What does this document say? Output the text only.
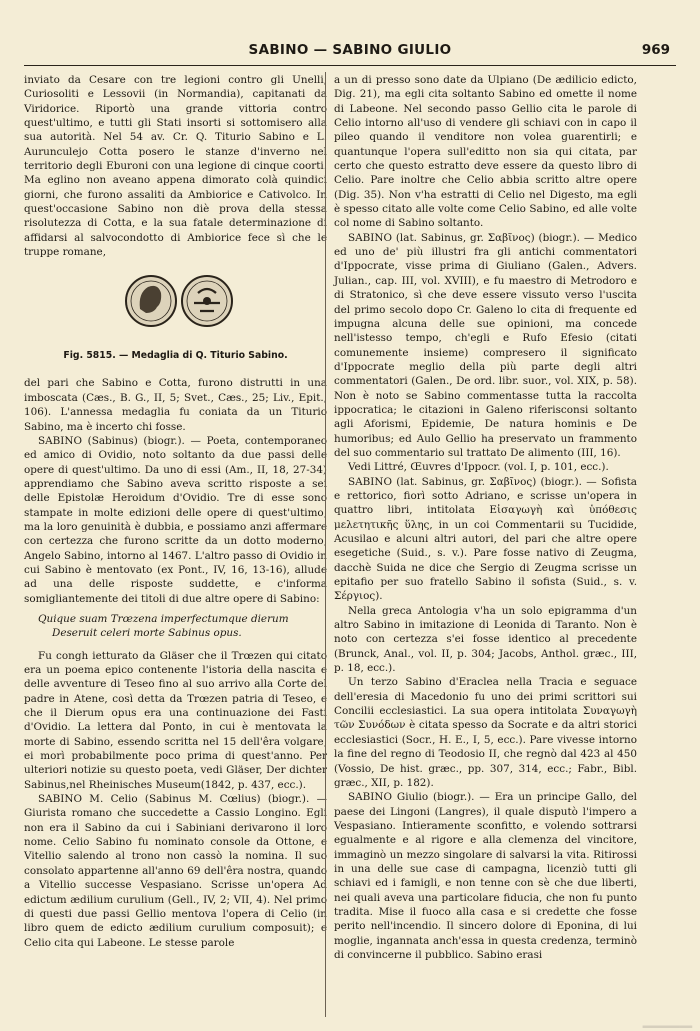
SABINO — SABINO GIULIO	969

inviato da Cesare con tre legioni contro gli Unelli, Curiosoliti e Lessovii (in Normandia), capitanati da Viridorice. Riportò una grande vittoria contro quest'ultimo, e tutti gli Stati insorti si sottomisero alla sua autorità. Nel 54 av. Cr. Q. Titurio Sabino e L. Aurunculejo Cotta posero le stanze d'inverno nel territorio degli Eburoni con una legione di cinque coorti. Ma eglino non aveano appena dimorato colà quindici giorni, che furono assaliti da Ambiorice e Cativolco. In quest'occasione Sabino non diè prova della stessa risolutezza di Cotta, e la sua fatale determinazione di affidarsi al salvocondotto di Ambiorice fece sì che le truppe romane,

Fig. 5815. — Medaglia di Q. Titurio Sabino.

del pari che Sabino e Cotta, furono distrutti in una imboscata (Cæs., B. G., II, 5; Svet., Cæs., 25; Liv., Epit., 106). L'annessa medaglia fu coniata da un Titurio Sabino, ma è incerto chi fosse.

SABINO (Sabinus) (biogr.). — Poeta, contemporaneo ed amico di Ovidio, noto soltanto da due passi delle opere di quest'ultimo. Da uno di essi (Am., II, 18, 27-34) apprendiamo che Sabino aveva scritto risposte a sei delle Epistolæ Heroidum d'Ovidio. Tre di esse sono stampate in molte edizioni delle opere di quest'ultimo, ma la loro genuinità è dubbia, e possiamo anzi affermare con certezza che furono scritte da un dotto moderno, Angelo Sabino, intorno al 1467. L'altro passo di Ovidio in cui Sabino è mentovato (ex Pont., IV, 16, 13-16), allude ad una delle risposte suddette, e c'informa somigliantemente dei titoli di due altre opere di Sabino:

Quique suam Trœzena imperfectumque dierum
Deseruit celeri morte Sabinus opus.

Fu congh ietturato da Gläser che il Trœzen qui citato era un poema epico contenente l'istoria della nascita e delle avventure di Teseo fino al suo arrivo alla Corte del padre in Atene, così detta da Trœzen patria di Teseo, e che il Dierum opus era una continuazione dei Fasti d'Ovidio. La lettera dal Ponto, in cui è mentovata la morte di Sabino, essendo scritta nel 15 dell'êra volgare, ei morì probabilmente poco prima di quest'anno. Per ulteriori notizie su questo poeta, vedi Gläser, Der dichter Sabinus,nel Rheinisches Museum(1842, p. 437, ecc.).

SABINO M. Celio (Sabinus M. Cœlius) (biogr.). — Giurista romano che succedette a Cassio Longino. Egli non era il Sabino da cui i Sabiniani derivarono il loro nome. Celio Sabino fu nominato console da Ottone, e Vitellio salendo al trono non cassò la nomina. Il suo consolato appartenne all'anno 69 dell'êra nostra, quando a Vitellio successe Vespasiano. Scrisse un'opera Ad edictum ædilium curulium (Gell., IV, 2; VII, 4). Nel primo di questi due passi Gellio mentova l'opera di Celio (in libro quem de edicto ædilium curulium composuit); e Celio cita qui Labeone. Le stesse parole

a un di presso sono date da Ulpiano (De ædilicio edicto, Dig. 21), ma egli cita soltanto Sabino ed omette il nome di Labeone. Nel secondo passo Gellio cita le parole di Celio intorno all'uso di vendere gli schiavi con in capo il pileo quando il venditore non volea guarentirli; e quantunque l'opera sull'editto non sia qui citata, par certo che questo estratto deve essere da questo libro di Celio. Pare inoltre che Celio abbia scritto altre opere (Dig. 35). Non v'ha estratti di Celio nel Digesto, ma egli è spesso citato alle volte come Celio Sabino, ed alle volte col nome di Sabino soltanto.

SABINO (lat. Sabinus, gr. Σαβῖνος) (biogr.). — Medico ed uno de' più illustri fra gli antichi commentatori d'Ippocrate, visse prima di Giuliano (Galen., Advers. Julian., cap. III, vol. XVIII), e fu maestro di Metrodoro e di Stratonico, sì che deve essere vissuto verso l'uscita del primo secolo dopo Cr. Galeno lo cita di frequente ed impugna alcuna delle sue opinioni, ma concede nell'istesso tempo, ch'egli e Rufo Efesio (citati comunemente insieme) compresero il significato d'Ippocrate meglio della più parte degli altri commentatori (Galen., De ord. libr. suor., vol. XIX, p. 58). Non è noto se Sabino commentasse tutta la raccolta ippocratica; le citazioni in Galeno riferisconsi soltanto agli Aforismi, Epidemie, De natura hominis e De humoribus; ed Aulo Gellio ha preservato un frammento del suo commentario sul trattato De alimento (III, 16).

Vedi Littré, Œuvres d'Ippocr. (vol. I, p. 101, ecc.).

SABINO (lat. Sabinus, gr. Σαβῖνος) (biogr.). — Sofista e rettorico, fiorì sotto Adriano, e scrisse un'opera in quattro libri, intitolata Εἰσαγωγὴ καὶ ὑπόθεσις μελετητικῆς ὕλης, in un coi Commentarii su Tucidide, Acusilao e alcuni altri autori, del pari che altre opere esegetiche (Suid., s. v.). Pare fosse nativo di Zeugma, dacchè Suida ne dice che Sergio di Zeugma scrisse un epitafio per suo fratello Sabino il sofista (Suid., s. v. Σέργιος).

Nella greca Antologia v'ha un solo epigramma d'un altro Sabino in imitazione di Leonida di Taranto. Non è noto con certezza s'ei fosse identico al precedente (Brunck, Anal., vol. II, p. 304; Jacobs, Anthol. græc., III, p. 18, ecc.).

Un terzo Sabino d'Eraclea nella Tracia e seguace dell'eresia di Macedonio fu uno dei primi scrittori sui Concilii ecclesiastici. La sua opera intitolata Συναγωγὴ τῶν Συνόδων è citata spesso da Socrate e da altri storici ecclesiastici (Socr., H. E., I, 5, ecc.). Pare vivesse intorno la fine del regno di Teodosio II, che regnò dal 423 al 450 (Vossio, De hist. græc., pp. 307, 314, ecc.; Fabr., Bibl. græc., XII, p. 182).

SABINO Giulio (biogr.). — Era un principe Gallo, del paese dei Lingoni (Langres), il quale disputò l'impero a Vespasiano. Intieramente sconfitto, e volendo sottrarsi egualmente e al rigore e alla clemenza del vincitore, immaginò un mezzo singolare di salvarsi la vita. Ritirossi in una delle sue case di campagna, licenziò tutti gli schiavi ed i famigli, e non tenne con sè che due liberti, nei quali aveva una particolare fiducia, che non fu punto tradita. Mise il fuoco alla casa e si credette che fosse perito nell'incendio. Il sincero dolore di Eponina, di lui moglie, ingannata anch'essa in questa credenza, terminò di convincerne il pubblico. Sabino erasi

▁▁▁▁
